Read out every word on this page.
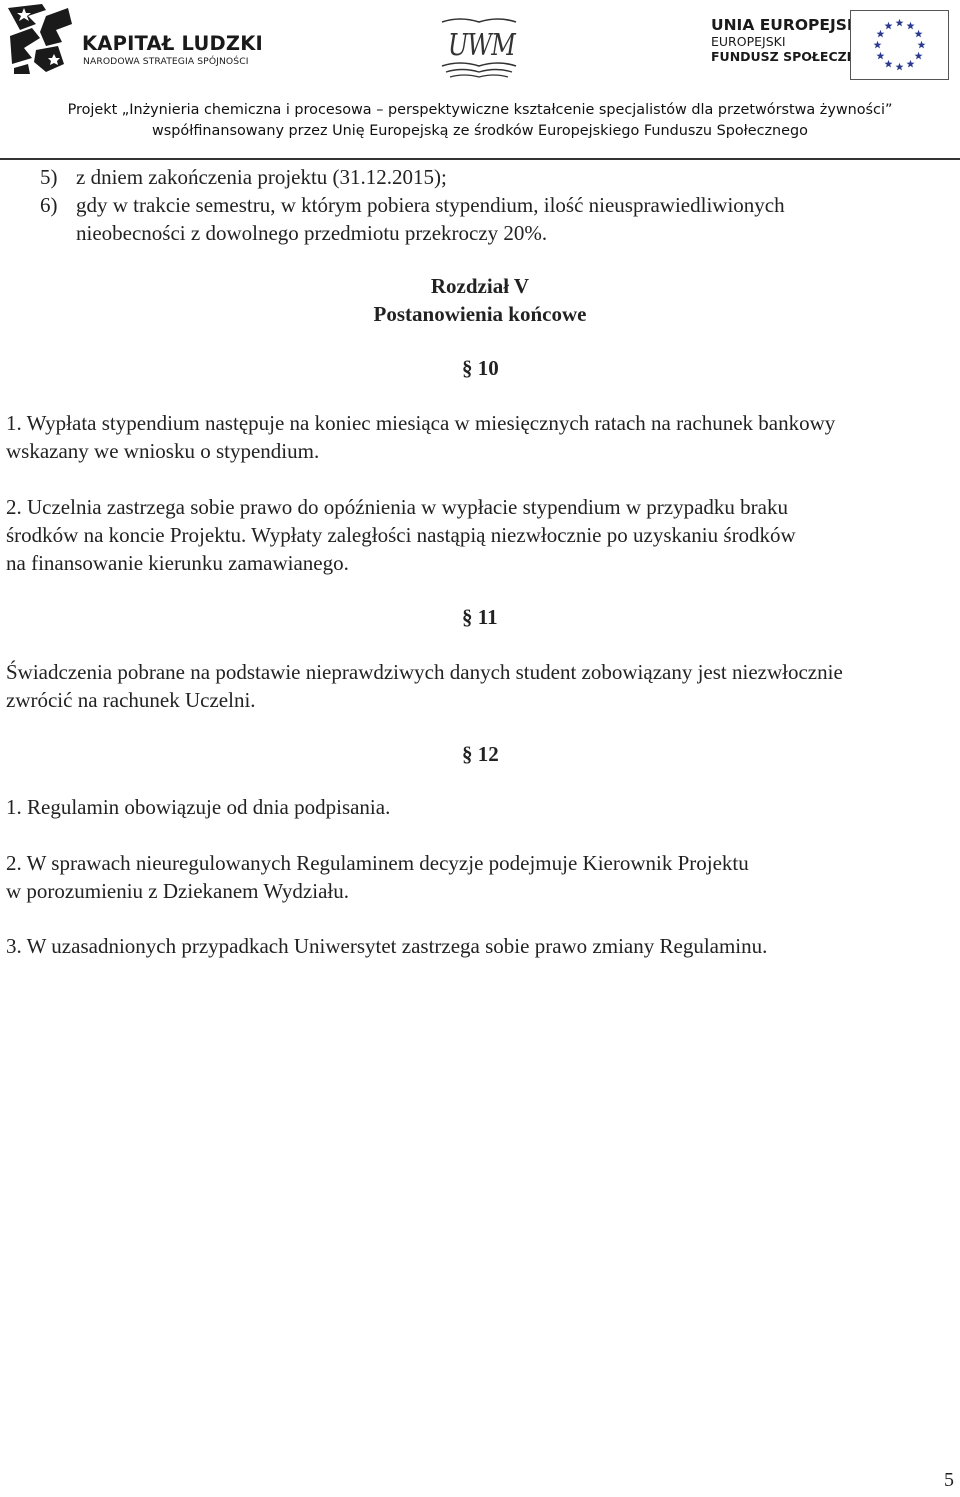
KAPITAŁ LUDZKI
NARODOWA STRATEGIA SPÓJNOŚCI	UWM
UNIA EUROPEJSKA
EUROPEJSKI
FUNDUSZ SPOŁECZNY
Projekt „Inżynieria chemiczna i procesowa – perspektywiczne kształcenie specjalistów dla przetwórstwa żywności”
współfinansowany przez Unię Europejską ze środków Europejskiego Funduszu Społecznego
5) z dniem zakończenia projektu (31.12.2015);
6) gdy w trakcie semestru, w którym pobiera stypendium, ilość nieusprawiedliwionych
nieobecności z dowolnego przedmiotu przekroczy 20%.
Rozdział V
Postanowienia końcowe
§ 10
1. Wypłata stypendium następuje na koniec miesiąca w miesięcznych ratach na rachunek bankowy
wskazany we wniosku o stypendium.
2. Uczelnia zastrzega sobie prawo do opóźnienia w wypłacie stypendium w przypadku braku
środków na koncie Projektu. Wypłaty zaległości nastąpią niezwłocznie po uzyskaniu środków
na finansowanie kierunku zamawianego.
§ 11
Świadczenia pobrane na podstawie nieprawdziwych danych student zobowiązany jest niezwłocznie
zwrócić na rachunek Uczelni.
§ 12
1. Regulamin obowiązuje od dnia podpisania.
2. W sprawach nieuregulowanych Regulaminem decyzje podejmuje Kierownik Projektu
w porozumieniu z Dziekanem Wydziału.
3. W uzasadnionych przypadkach Uniwersytet zastrzega sobie prawo zmiany Regulaminu.
5
